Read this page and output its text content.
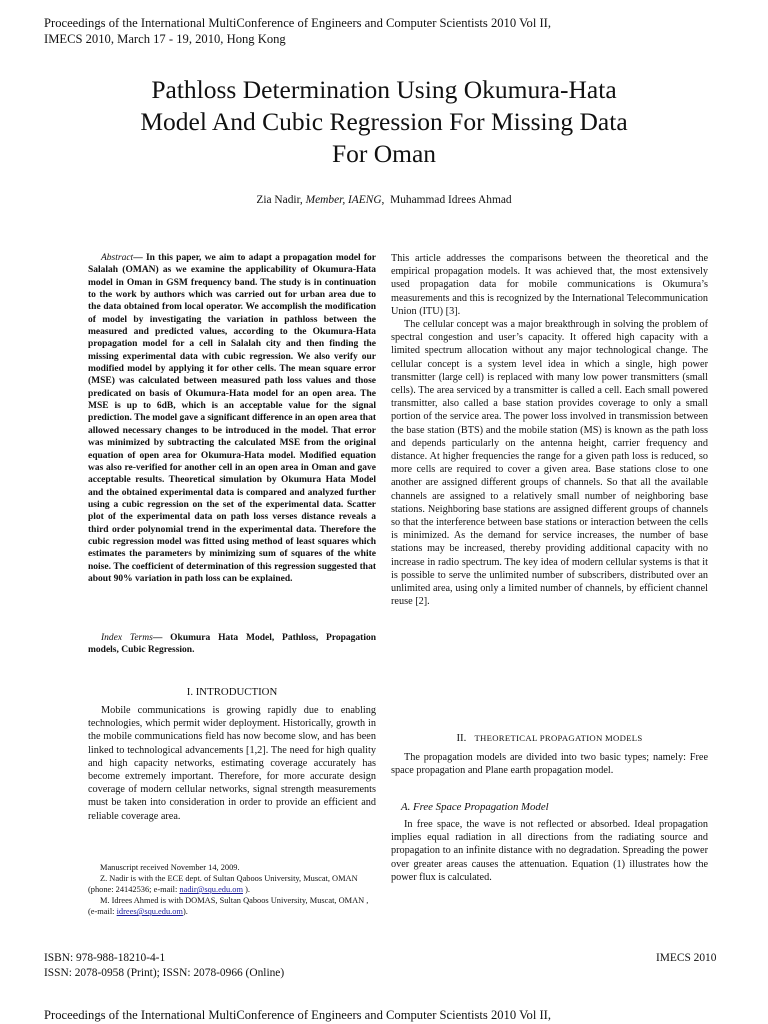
Proceedings of the International MultiConference of Engineers and Computer Scientists 2010 Vol II,
IMECS 2010, March 17 - 19, 2010, Hong Kong
Pathloss Determination Using Okumura-Hata
Model And Cubic Regression For Missing Data
For Oman
Zia Nadir, Member, IAENG, Muhammad Idrees Ahmad

Abstract— In this paper, we aim to adapt a propagation model for Salalah (OMAN) as we examine the applicability of Okumura-Hata model in Oman in GSM frequency band. The study is in continuation to the work by authors which was carried out for urban area due to the data obtained from local operator. We accomplish the modification of model by investigating the variation in pathloss between the measured and predicted values, according to the Okumura-Hata propagation model for a cell in Salalah city and then finding the missing experimental data with cubic regression. We also verify our modified model by applying it for other cells. The mean square error (MSE) was calculated between measured path loss values and those predicated on basis of Okumura-Hata model for an open area. The MSE is up to 6dB, which is an acceptable value for the signal prediction. The model gave a significant difference in an open area that allowed necessary changes to be introduced in the model. That error was minimized by subtracting the calculated MSE from the original equation of open area for Okumura-Hata model. Modified equation was also re-verified for another cell in an open area in Oman and gave acceptable results. Theoretical simulation by Okumura Hata Model and the obtained experimental data is compared and analyzed further using a cubic regression on the set of the experimental data. Scatter plot of the experimental data on path loss verses distance reveals a third order polynomial trend in the experimental data. Therefore the cubic regression model was fitted using method of least squares which estimates the parameters by minimizing sum of squares of the white noise. The coefficient of determination of this regression suggested that about 90% variation in path loss can be explained.

Index Terms— Okumura Hata Model, Pathloss, Propagation models, Cubic Regression.

I. INTRODUCTION

Mobile communications is growing rapidly due to enabling technologies, which permit wider deployment. Historically, growth in the mobile communications field has now become slow, and has been linked to technological advancements [1,2]. The need for high quality and high capacity networks, estimating coverage accurately has become extremely important. Therefore, for more accurate design coverage of modern cellular networks, signal strength measurements must be taken into consideration in order to provide an efficient and reliable coverage area.

Manuscript received November 14, 2009.

Z. Nadir is with the ECE dept. of Sultan Qaboos University, Muscat, OMAN (phone: 24142536; e-mail: nadir@squ.edu.om ).

M. Idrees Ahmed is with DOMAS, Sultan Qaboos University, Muscat, OMAN , (e-mail: idrees@squ.edu.om).

This article addresses the comparisons between the theoretical and the empirical propagation models. It was achieved that, the most extensively used propagation data for mobile communications is Okumura’s measurements and this is recognized by the International Telecommunication Union (ITU) [3].

The cellular concept was a major breakthrough in solving the problem of spectral congestion and user’s capacity. It offered high capacity with a limited spectrum allocation without any major technological change. The cellular concept is a system level idea in which a single, high power transmitter (large cell) is replaced with many low power transmitters (small cells). The area serviced by a transmitter is called a cell. Each small powered transmitter, also called a base station provides coverage to only a small portion of the service area. The power loss involved in transmission between the base station (BTS) and the mobile station (MS) is known as the path loss and depends particularly on the antenna height, carrier frequency and distance. At higher frequencies the range for a given path loss is reduced, so more cells are required to cover a given area. Base stations close to one another are assigned different groups of channels. So that all the available channels are assigned to a relatively small number of neighboring base stations. Neighboring base stations are assigned different groups of channels so that the interference between base stations or interaction between the cells is minimized. As the demand for service increases, the number of base stations may be increased, thereby providing additional capacity with no increase in radio spectrum. The key idea of modern cellular systems is that it is possible to serve the unlimited number of subscribers, distributed over an unlimited area, using only a limited number of channels, by efficient channel reuse [2].

II. THEORETICAL PROPAGATION MODELS

The propagation models are divided into two basic types; namely: Free space propagation and Plane earth propagation model.

A. Free Space Propagation Model

In free space, the wave is not reflected or absorbed. Ideal propagation implies equal radiation in all directions from the radiating source and propagation to an infinite distance with no degradation. Spreading the power over greater areas causes the attenuation. Equation (1) illustrates how the power flux is calculated.

ISBN: 978-988-18210-4-1
ISSN: 2078-0958 (Print); ISSN: 2078-0966 (Online)
IMECS 2010
Proceedings of the International MultiConference of Engineers and Computer Scientists 2010 Vol II,
